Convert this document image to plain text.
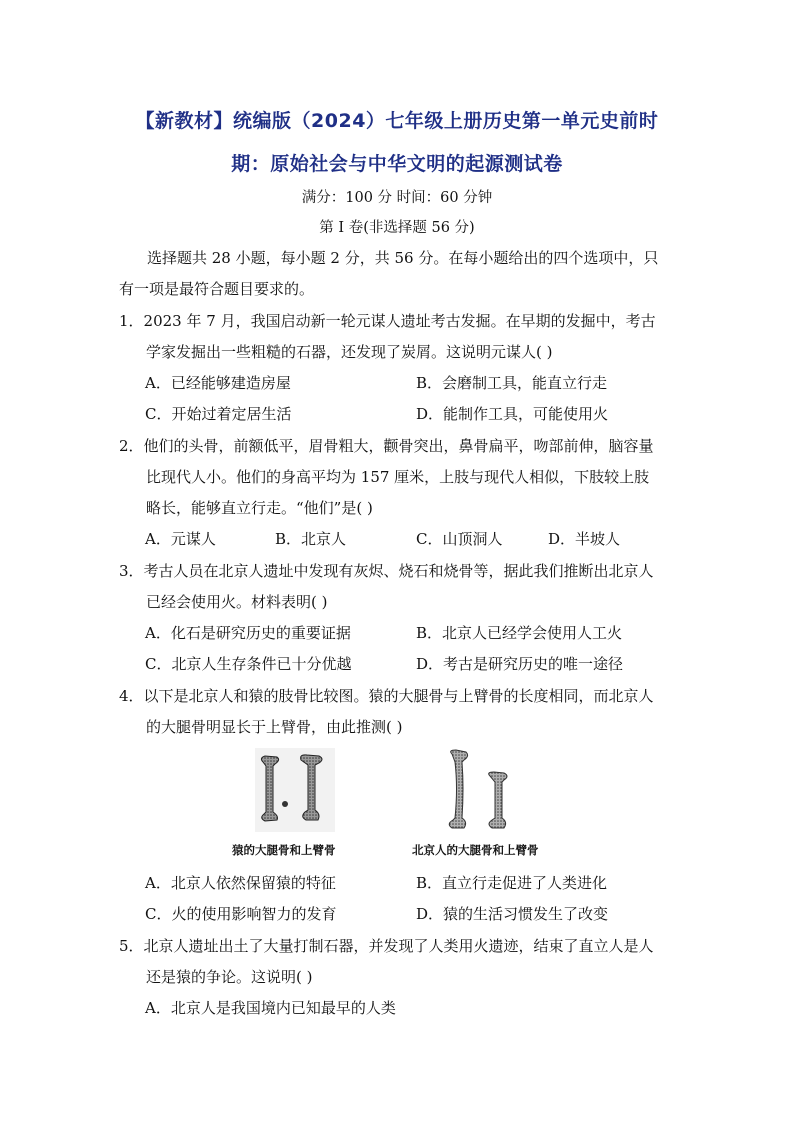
【新教材】统编版（2024）七年级上册历史第一单元史前时
期：原始社会与中华文明的起源测试卷
满分：100 分 时间：60 分钟
第 I 卷(非选择题 56 分)
选择题共 28 小题，每小题 2 分，共 56 分。在每小题给出的四个选项中，只
有一项是最符合题目要求的。
1．2023 年 7 月，我国启动新一轮元谋人遗址考古发掘。在早期的发掘中，考古
学家发掘出一些粗糙的石器，还发现了炭屑。这说明元谋人( )
A．已经能够建造房屋	B．会磨制工具，能直立行走
C．开始过着定居生活	D．能制作工具，可能使用火
2．他们的头骨，前额低平，眉骨粗大，颧骨突出，鼻骨扁平，吻部前伸，脑容量
比现代人小。他们的身高平均为 157 厘米，上肢与现代人相似，下肢较上肢
略长，能够直立行走。“他们”是( )
A．元谋人	B．北京人	C．山顶洞人	D．半坡人
3．考古人员在北京人遗址中发现有灰烬、烧石和烧骨等，据此我们推断出北京人
已经会使用火。材料表明( )
A．化石是研究历史的重要证据	B．北京人已经学会使用人工火
C．北京人生存条件已十分优越	D．考古是研究历史的唯一途径
4．以下是北京人和猿的肢骨比较图。猿的大腿骨与上臂骨的长度相同，而北京人
的大腿骨明显长于上臂骨，由此推测( )
猿的大腿骨和上臂骨	北京人的大腿骨和上臂骨
A．北京人依然保留猿的特征	B．直立行走促进了人类进化
C．火的使用影响智力的发育	D．猿的生活习惯发生了改变
5．北京人遗址出土了大量打制石器，并发现了人类用火遗迹，结束了直立人是人
还是猿的争论。这说明( )
A．北京人是我国境内已知最早的人类
